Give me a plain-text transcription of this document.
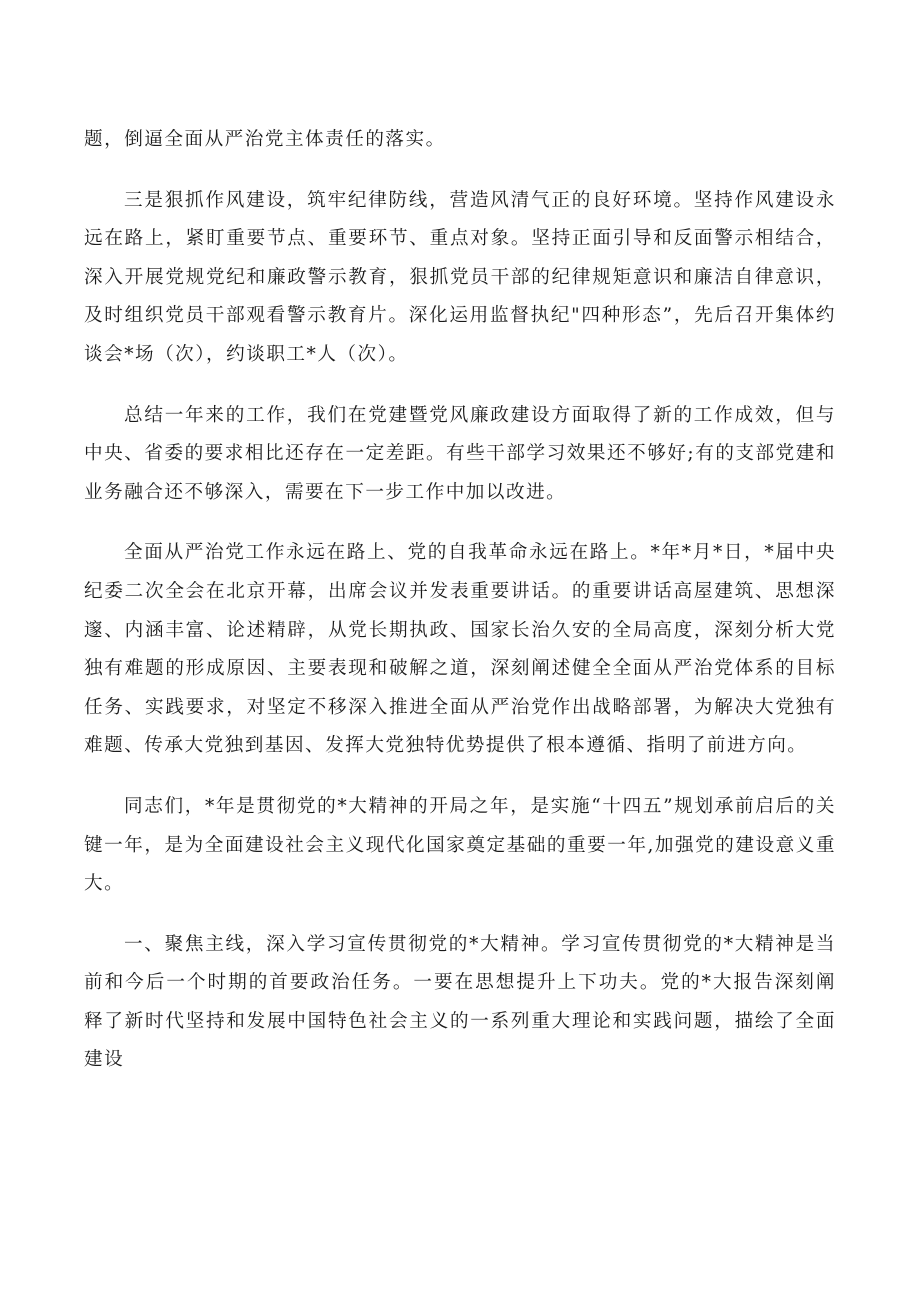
题，倒逼全面从严治党主体责任的落实。

三是狠抓作风建设，筑牢纪律防线，营造风清气正的良好环境。坚持作风建设永远在路上，紧盯重要节点、重要环节、重点对象。坚持正面引导和反面警示相结合，深入开展党规党纪和廉政警示教育，狠抓党员干部的纪律规矩意识和廉洁自律意识，及时组织党员干部观看警示教育片。深化运用监督执纪"四种形态”，先后召开集体约谈会*场（次），约谈职工*人（次）。

总结一年来的工作，我们在党建暨党风廉政建设方面取得了新的工作成效，但与中央、省委的要求相比还存在一定差距。有些干部学习效果还不够好;有的支部党建和业务融合还不够深入，需要在下一步工作中加以改进。

全面从严治党工作永远在路上、党的自我革命永远在路上。*年*月*日，*届中央纪委二次全会在北京开幕，出席会议并发表重要讲话。的重要讲话高屋建筑、思想深邃、内涵丰富、论述精辟，从党长期执政、国家长治久安的全局高度，深刻分析大党独有难题的形成原因、主要表现和破解之道，深刻阐述健全全面从严治党体系的目标任务、实践要求，对坚定不移深入推进全面从严治党作出战略部署，为解决大党独有难题、传承大党独到基因、发挥大党独特优势提供了根本遵循、指明了前进方向。

同志们，*年是贯彻党的*大精神的开局之年，是实施“十四五”规划承前启后的关键一年，是为全面建设社会主义现代化国家奠定基础的重要一年,加强党的建设意义重大。

一、聚焦主线，深入学习宣传贯彻党的*大精神。学习宣传贯彻党的*大精神是当前和今后一个时期的首要政治任务。一要在思想提升上下功夫。党的*大报告深刻阐释了新时代坚持和发展中国特色社会主义的一系列重大理论和实践问题，描绘了全面建设
